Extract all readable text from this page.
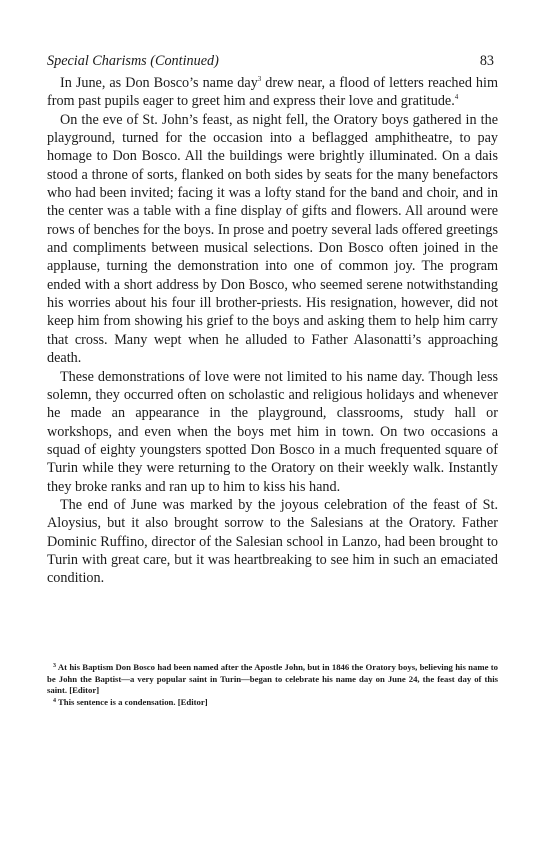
Special Charisms (Continued)	83

In June, as Don Bosco’s name day$^3$ drew near, a flood of letters reached him from past pupils eager to greet him and express their love and gratitude.$^4$

On the eve of St. John’s feast, as night fell, the Oratory boys gathered in the playground, turned for the occasion into a beflagged amphitheatre, to pay homage to Don Bosco. All the buildings were brightly illuminated. On a dais stood a throne of sorts, flanked on both sides by seats for the many benefactors who had been invited; facing it was a lofty stand for the band and choir, and in the center was a table with a fine display of gifts and flowers. All around were rows of benches for the boys. In prose and poetry several lads offered greetings and compliments between musical selections. Don Bosco often joined in the applause, turning the demonstration into one of common joy. The program ended with a short address by Don Bosco, who seemed serene notwithstanding his worries about his four ill brother-priests. His resignation, however, did not keep him from showing his grief to the boys and asking them to help him carry that cross. Many wept when he alluded to Father Alasonatti’s approaching death.

These demonstrations of love were not limited to his name day. Though less solemn, they occurred often on scholastic and religious holidays and whenever he made an appearance in the playground, classrooms, study hall or workshops, and even when the boys met him in town. On two occasions a squad of eighty youngsters spotted Don Bosco in a much frequented square of Turin while they were returning to the Oratory on their weekly walk. Instantly they broke ranks and ran up to him to kiss his hand.

The end of June was marked by the joyous celebration of the feast of St. Aloysius, but it also brought sorrow to the Salesians at the Oratory. Father Dominic Ruffino, director of the Salesian school in Lanzo, had been brought to Turin with great care, but it was heartbreaking to see him in such an emaciated condition.

$^3$ At his Baptism Don Bosco had been named after the Apostle John, but in 1846 the Oratory boys, believing his name to be John the Baptist—a very popular saint in Turin—began to celebrate his name day on June 24, the feast day of this saint. [Editor]

$^4$ This sentence is a condensation. [Editor]
